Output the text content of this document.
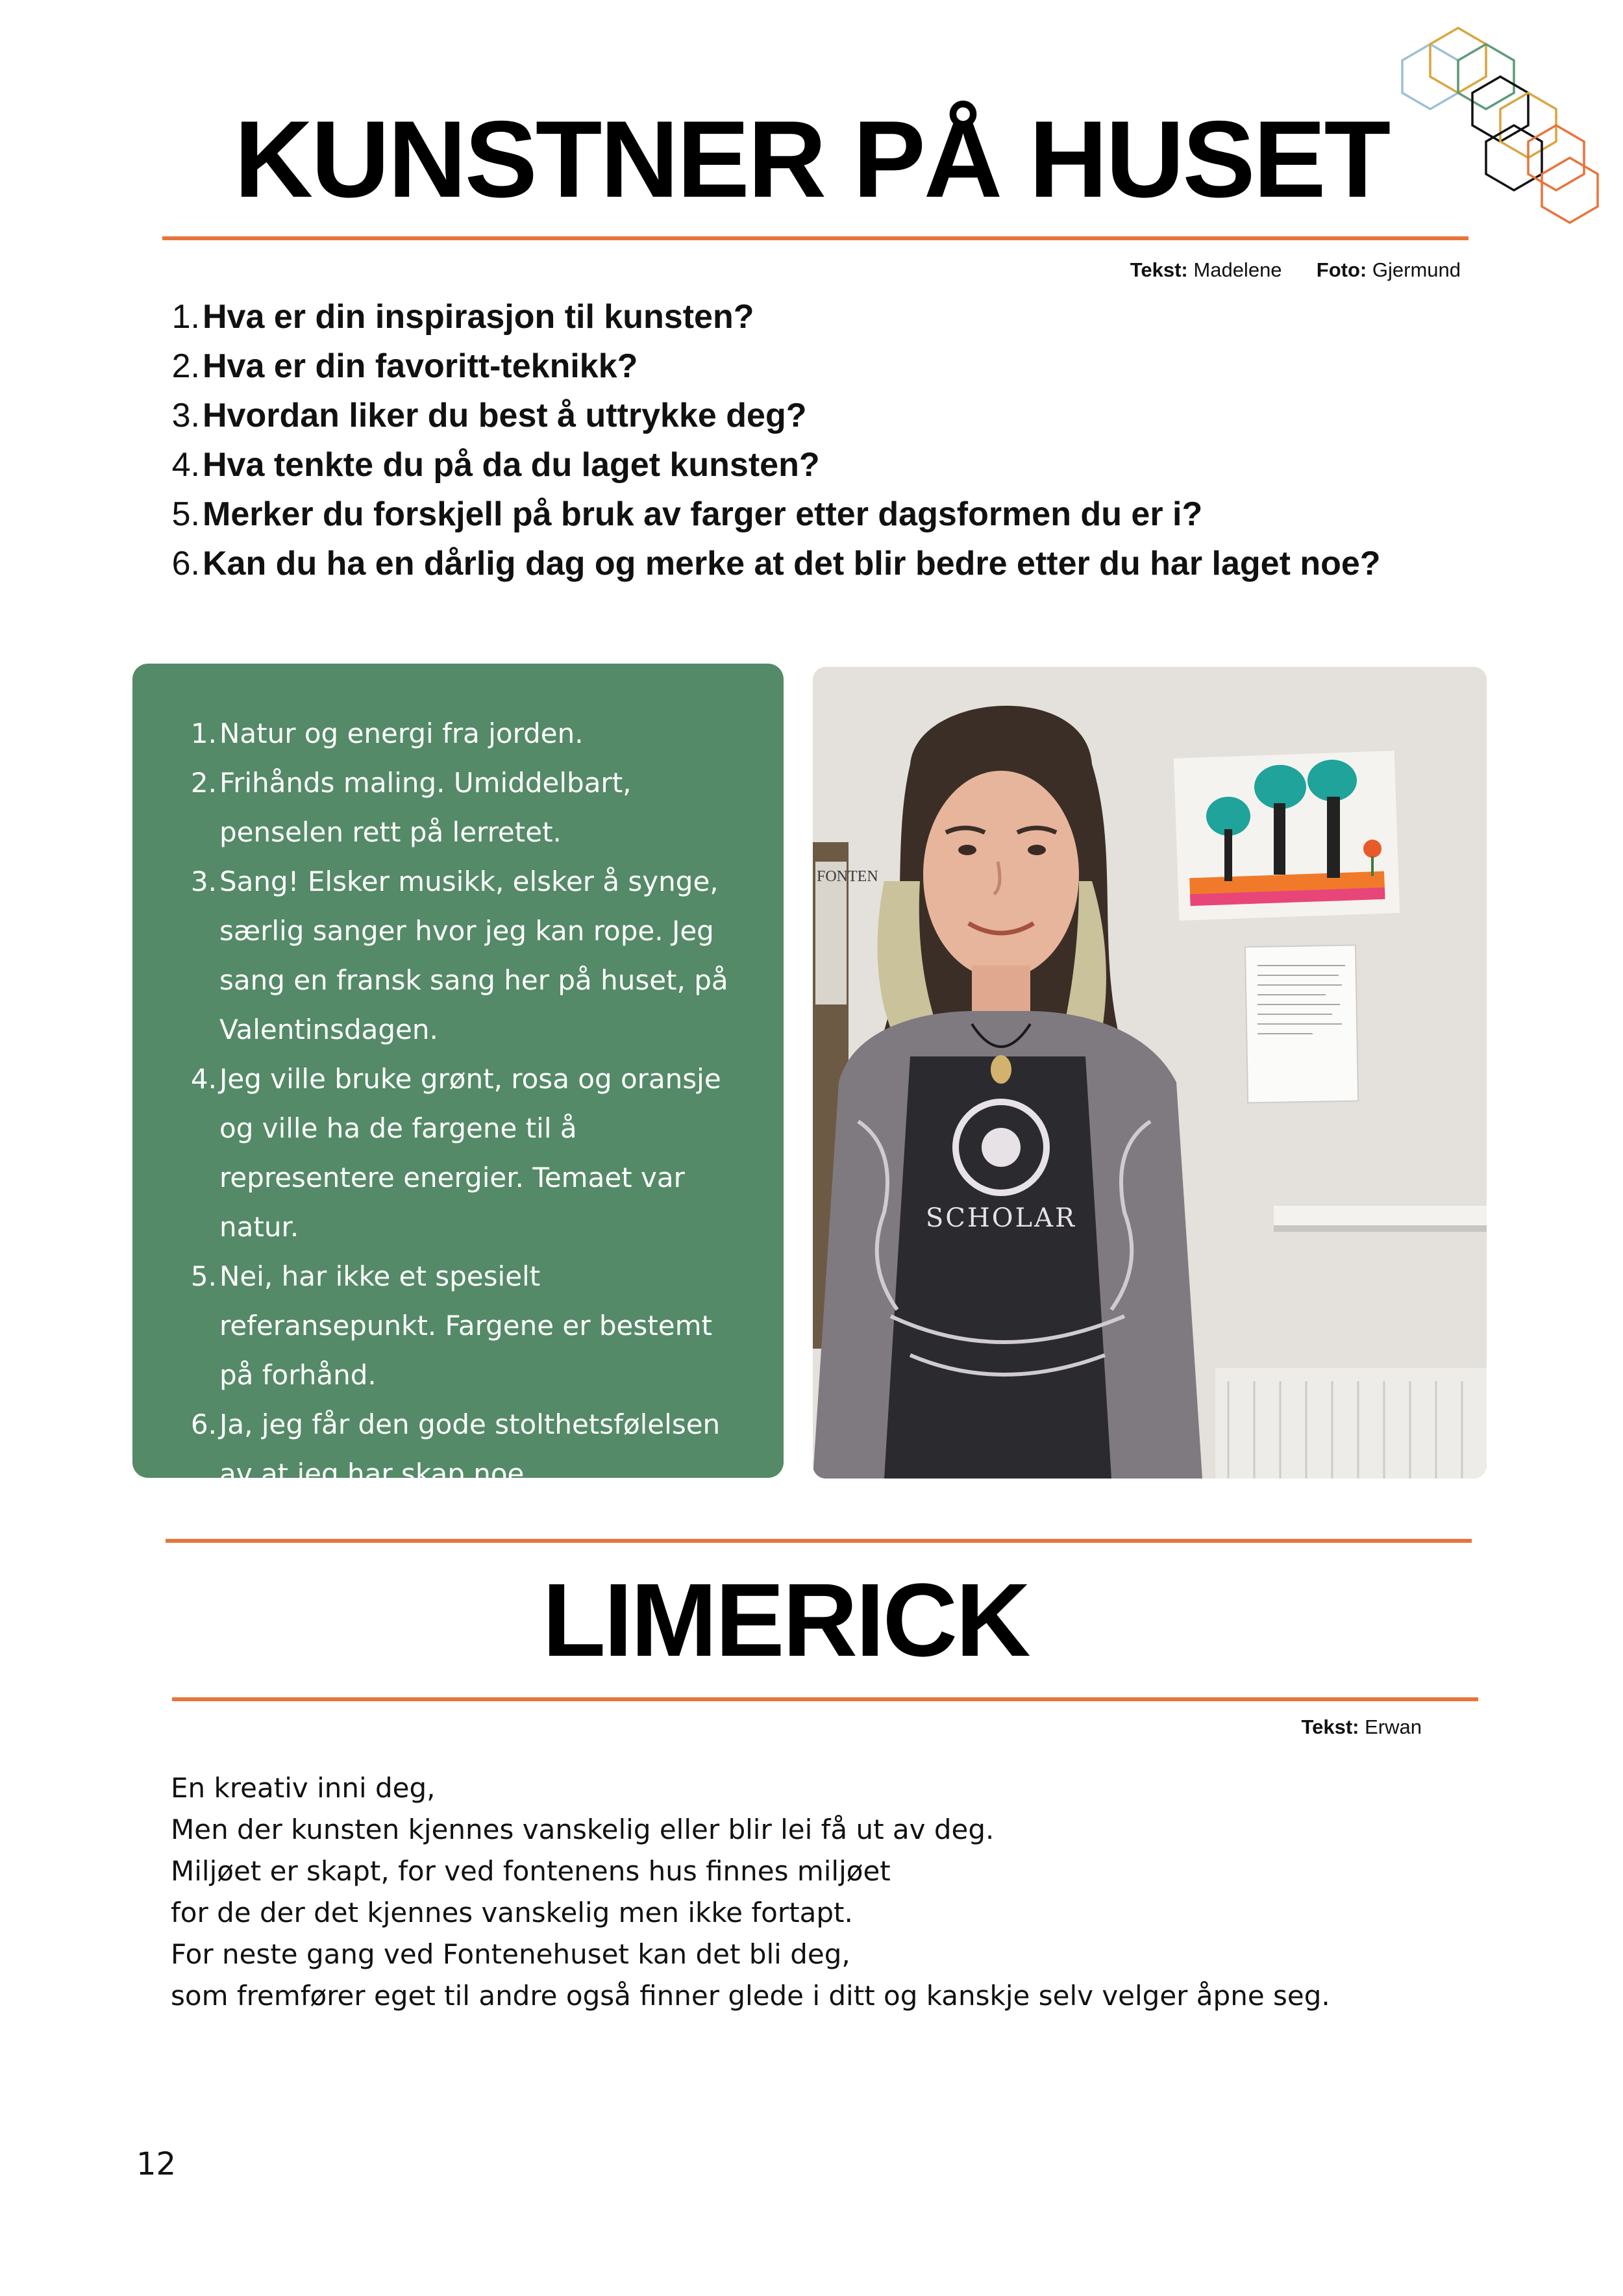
KUNSTNER PÅ HUSET
Tekst: Madelene Foto: Gjermund
1. Hva er din inspirasjon til kunsten?
2. Hva er din favoritt-teknikk?
3. Hvordan liker du best å uttrykke deg?
4. Hva tenkte du på da du laget kunsten?
5. Merker du forskjell på bruk av farger etter dagsformen du er i?
6. Kan du ha en dårlig dag og merke at det blir bedre etter du har laget noe?
1. Natur og energi fra jorden.
2. Frihånds maling. Umiddelbart, penselen rett på lerretet.
3. Sang! Elsker musikk, elsker å synge, særlig sanger hvor jeg kan rope. Jeg sang en fransk sang her på huset, på Valentinsdagen.
4. Jeg ville bruke grønt, rosa og oransje og ville ha de fargene til å representere energier. Temaet var natur.
5. Nei, har ikke et spesielt referansepunkt. Fargene er bestemt på forhånd.
6. Ja, jeg får den gode stolthetsfølelsen av at jeg har skap noe.
FONTEN
SCHOLAR
LIMERICK
Tekst: Erwan
En kreativ inni deg,
Men der kunsten kjennes vanskelig eller blir lei få ut av deg.
Miljøet er skapt, for ved fontenens hus finnes miljøet
for de der det kjennes vanskelig men ikke fortapt.
For neste gang ved Fontenehuset kan det bli deg,
som fremfører eget til andre også finner glede i ditt og kanskje selv velger åpne seg.
12
